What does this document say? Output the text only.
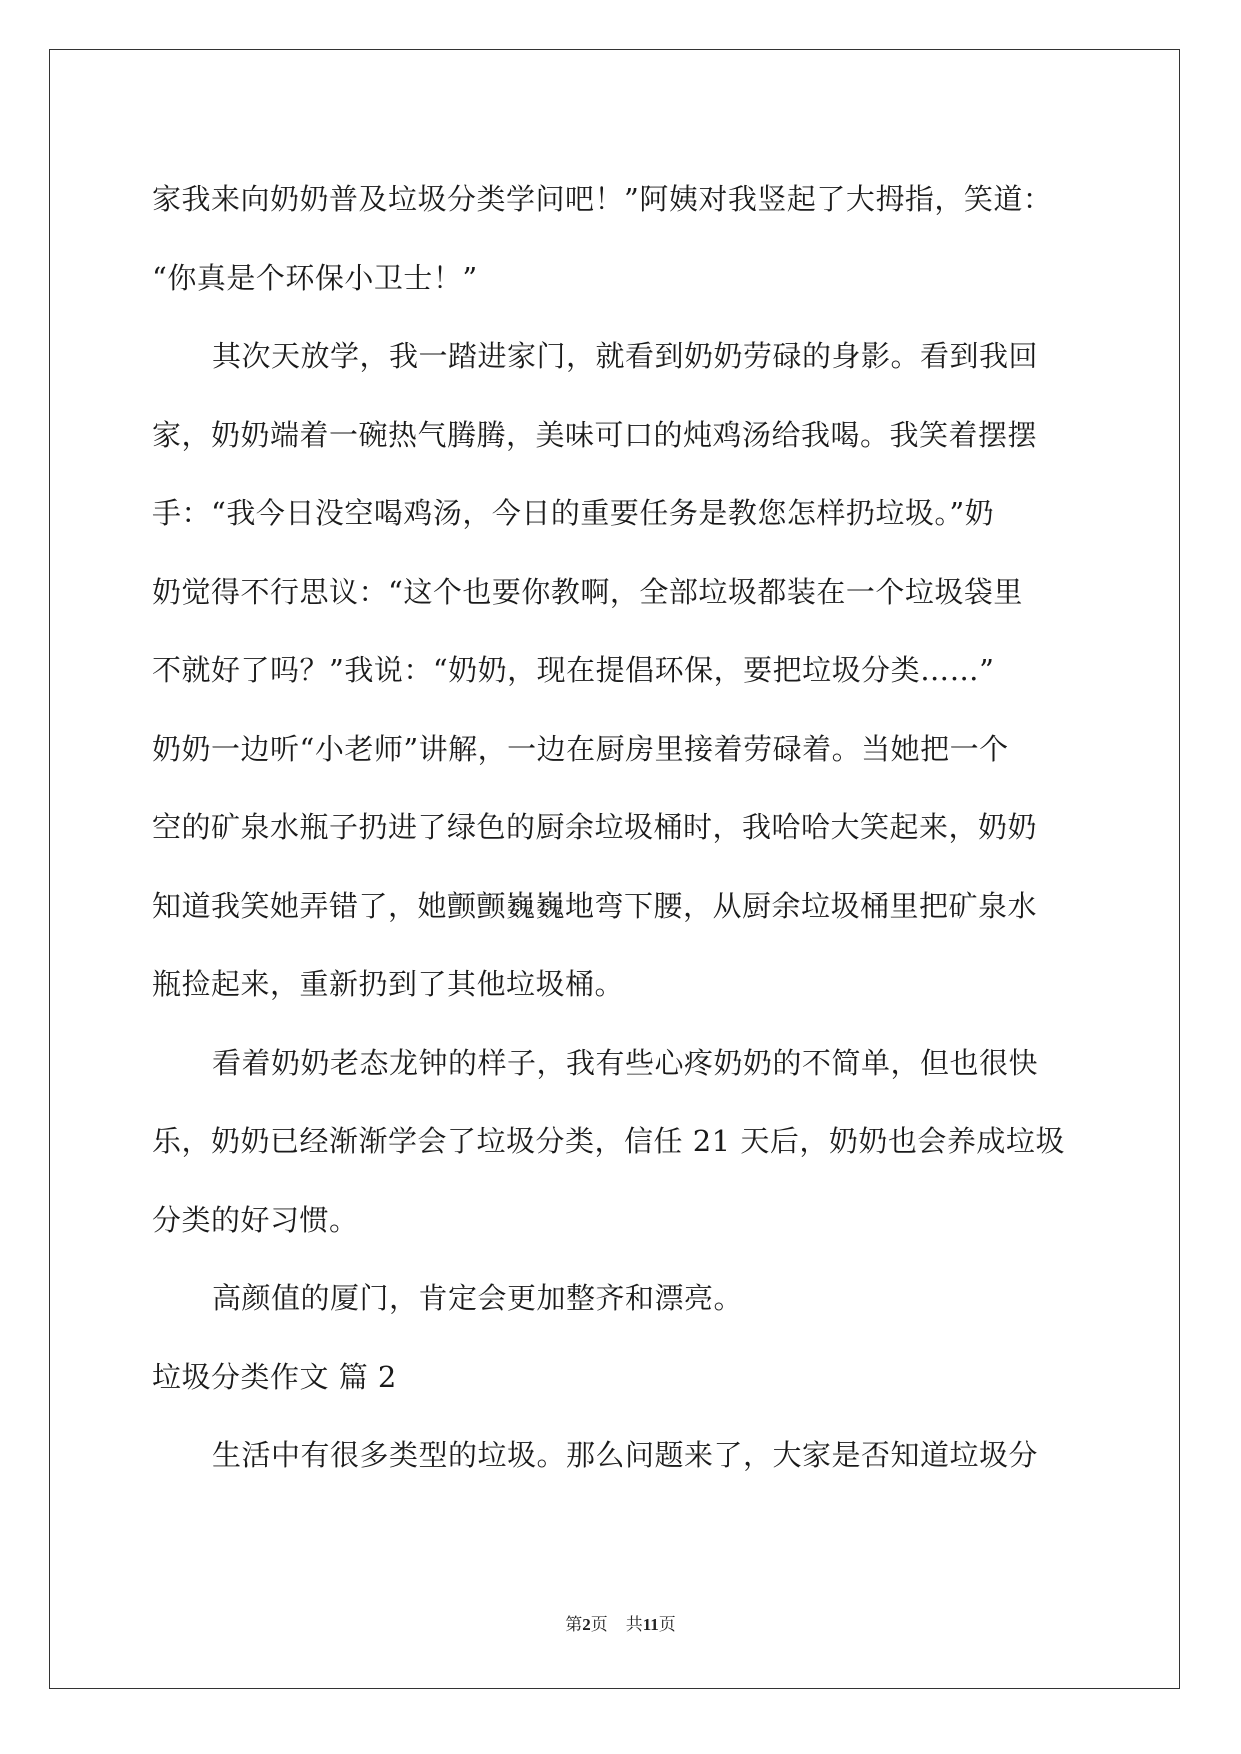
家我来向奶奶普及垃圾分类学问吧！”阿姨对我竖起了大拇指，笑道：
“你真是个环保小卫士！”
其次天放学，我一踏进家门，就看到奶奶劳碌的身影。看到我回
家，奶奶端着一碗热气腾腾，美味可口的炖鸡汤给我喝。我笑着摆摆
手：“我今日没空喝鸡汤，今日的重要任务是教您怎样扔垃圾。”奶
奶觉得不行思议：“这个也要你教啊，全部垃圾都装在一个垃圾袋里
不就好了吗？”我说：“奶奶，现在提倡环保，要把垃圾分类……”
奶奶一边听“小老师”讲解，一边在厨房里接着劳碌着。当她把一个
空的矿泉水瓶子扔进了绿色的厨余垃圾桶时，我哈哈大笑起来，奶奶
知道我笑她弄错了，她颤颤巍巍地弯下腰，从厨余垃圾桶里把矿泉水
瓶捡起来，重新扔到了其他垃圾桶。
看着奶奶老态龙钟的样子，我有些心疼奶奶的不简单，但也很快
乐，奶奶已经渐渐学会了垃圾分类，信任 21 天后，奶奶也会养成垃圾
分类的好习惯。
高颜值的厦门，肯定会更加整齐和漂亮。
垃圾分类作文 篇 2
生活中有很多类型的垃圾。那么问题来了，大家是否知道垃圾分
第2页 共11页
